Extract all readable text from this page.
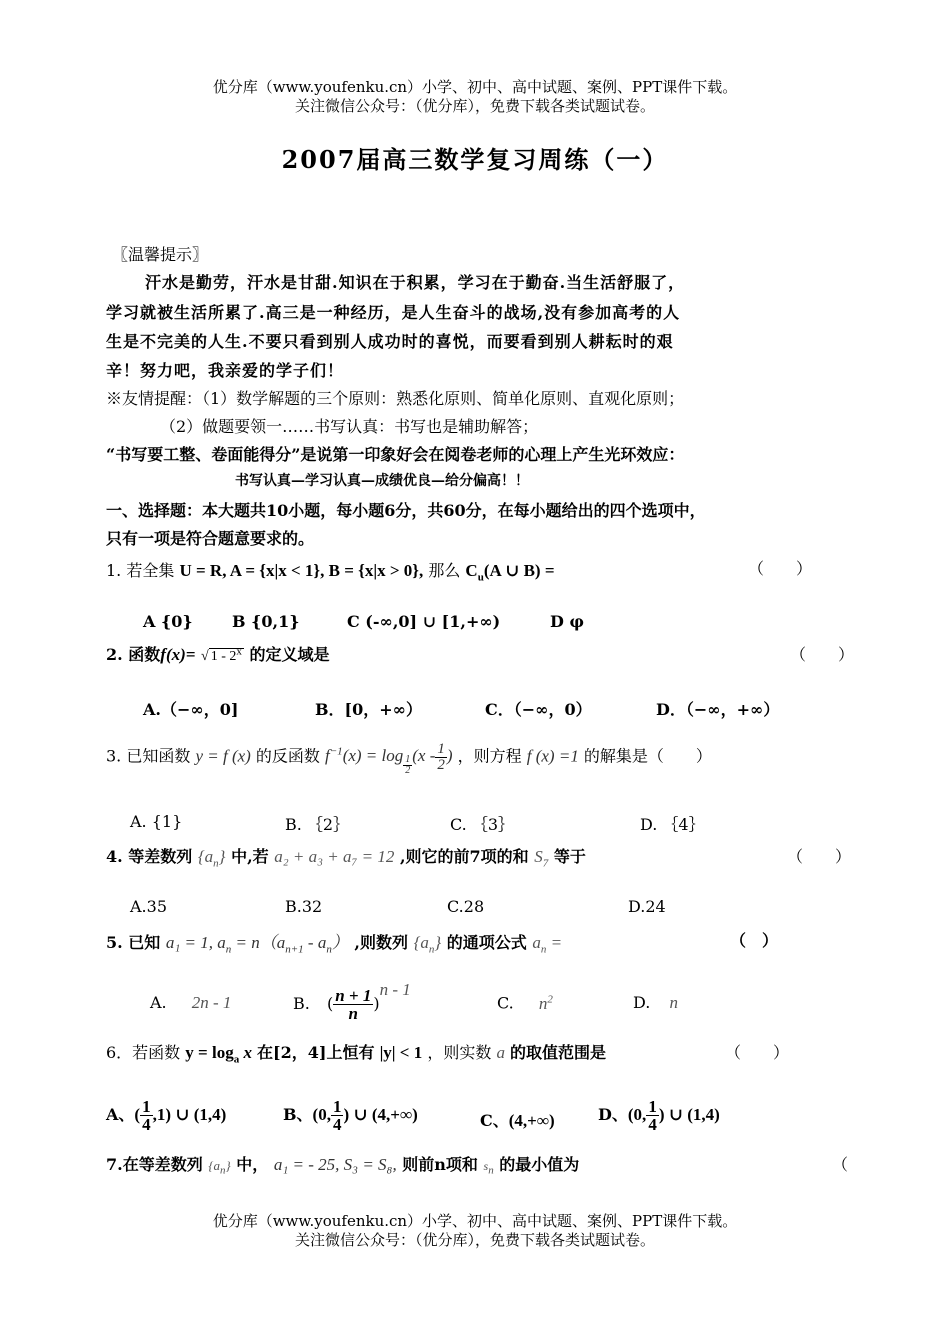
优分库（www.youfenku.cn）小学、初中、高中试题、案例、PPT课件下载。
关注微信公众号：（优分库），免费下载各类试题试卷。
2007届高三数学复习周练（一）
〖温馨提示〗
汗水是勤劳，汗水是甘甜.知识在于积累，学习在于勤奋.当生活舒服了，
学习就被生活所累了.高三是一种经历，是人生奋斗的战场,没有参加高考的人
生是不完美的人生.不要只看到别人成功时的喜悦，而要看到别人耕耘时的艰
辛！努力吧，我亲爱的学子们！
※友情提醒：（1）数学解题的三个原则：熟悉化原则、简单化原则、直观化原则；
（2）做题要领一……书写认真：书写也是辅助解答；
“书写要工整、卷面能得分”是说第一印象好会在阅卷老师的心理上产生光环效应：
书写认真—学习认真—成绩优良—给分偏高！！
一、选择题：本大题共10小题，每小题6分，共60分，在每小题给出的四个选项中，
只有一项是符合题意要求的。
1. 若全集 U = R, A = {x|x < 1}, B = {x|x > 0}, 那么 $C_u(A$ ∪ B) =	（　　）
A {0} B {0,1}	C (-∞,0] ∪ [1,+∞)	D φ
2. 函数f(x)= √ 1 - 2$^x$ 的定义域是	（　　）
A.（−∞，0]	B．[0，+∞）	C．（−∞，0）	D．（−∞，+∞）
3. 已知函数 y = f (x) 的反函数 $f^{-1}(x) = \log \frac{1}{2} (x - \frac{1}{2}$ ) ，则方程 f (x) =1 的解集是（　　）
A. {1}	B. ｛2｝	C. ｛3｝	D. ｛4｝
4. 等差数列 $\{a_n\}$ 中,若 a₂ + a₃ + a₇ = 12 ,则它的前7项的和 $S_7$ 等于	（　　）
A.35	B.32	C.28	D.24
5. 已知 a₁ = 1, $a_n = n(a_{n+1} - a_n)$ ,则数列 $\{a_n\}$ 的通项公式 $a_n$ =	（　）
A. 2n - 1	B. ( $\frac{n + 1}{n} )^{n - 1}$
C. $n^2$	D. n
6．若函数 $y = \log_a x$ 在[2，4]上恒有 |y| < 1 ，则实数 a 的取值范围是	（　　）
A、( $\frac{1}{4} ,1$) ∪ (1,4)	B、(0, $\frac{1}{4}$ ) ∪ (4,+∞)	C、(4,+∞)	D、(0, $\frac{1}{4}$ ) ∪ (1,4)
7.在等差数列 $\{a_n\}$ 中， a₁ = - 25, S₃ = S₈, 则前n项和 $s_n$ 的最小值为	（
优分库（www.youfenku.cn）小学、初中、高中试题、案例、PPT课件下载。
关注微信公众号：（优分库），免费下载各类试题试卷。
